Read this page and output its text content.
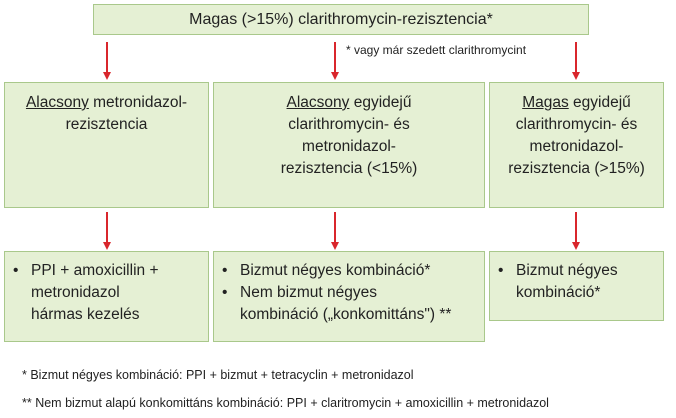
Magas (>15%) clarithromycin-rezisztencia*
* vagy már szedett clarithromycint
Alacsony metronidazol-
rezisztencia
Alacsony egyidejű
clarithromycin- és
metronidazol-
rezisztencia (<15%)
Magas egyidejű
clarithromycin- és
metronidazol-
rezisztencia (>15%)
• PPI + amoxicillin +
metronidazol
hármas kezelés
• Bizmut négyes kombináció*
• Nem bizmut négyes
kombináció („konkomittáns") **
• Bizmut négyes
kombináció*
* Bizmut négyes kombináció: PPI + bizmut + tetracyclin + metronidazol
** Nem bizmut alapú konkomittáns kombináció: PPI + claritromycin + amoxicillin + metronidazol
